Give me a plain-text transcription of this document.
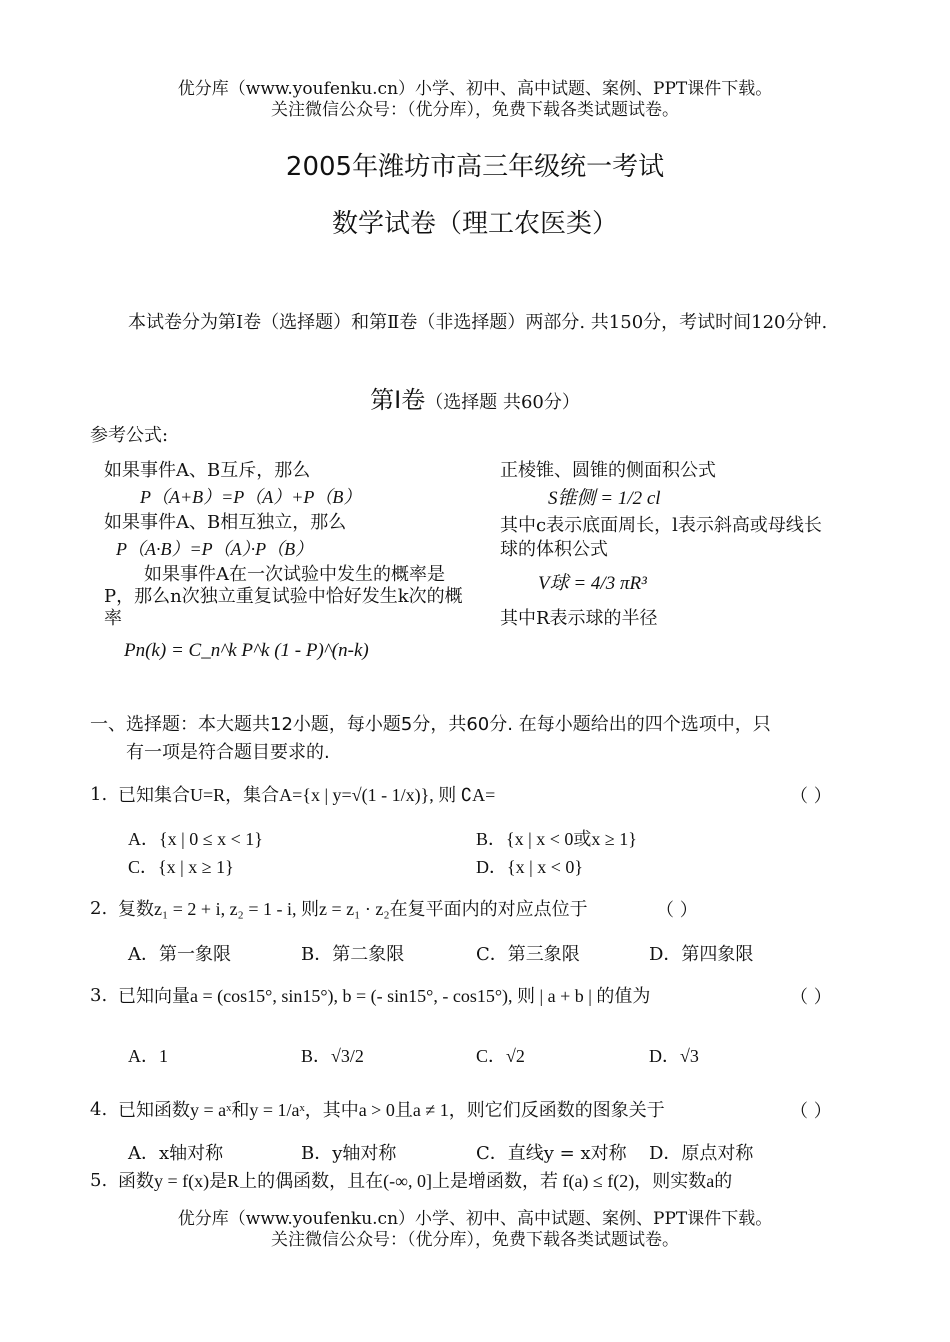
优分库（www.youfenku.cn）小学、初中、高中试题、案例、PPT课件下载。
关注微信公众号：（优分库），免费下载各类试题试卷。
2005年潍坊市高三年级统一考试
数学试卷（理工农医类）
本试卷分为第Ⅰ卷（选择题）和第Ⅱ卷（非选择题）两部分. 共150分，考试时间120分钟.
第Ⅰ卷（选择题 共60分）
参考公式:
如果事件A、B互斥，那么
P（A+B）=P（A）+P（B）
如果事件A、B相互独立，那么
P（A·B）=P（A）·P（B）
如果事件A在一次试验中发生的概率是P，那么n次独立重复试验中恰好发生k次的概率
Pn(k) = C_n^k P^k (1 - P)^(n-k)
正棱锥、圆锥的侧面积公式
S锥侧 = 1/2 cl
其中c表示底面周长，l表示斜高或母线长
球的体积公式
V球 = 4/3 πR³
其中R表示球的半径
一、选择题：本大题共12小题，每小题5分，共60分. 在每小题给出的四个选项中，只
有一项是符合题目要求的.
1. 已知集合U=R，集合A={x | y=√(1 - 1/x)}, 则 ∁A=	（ ）
A．{x | 0 ≤ x < 1}	B．{x | x < 0或x ≥ 1}
C．{x | x ≥ 1}	D．{x | x < 0}
2. 复数z₁ = 2 + i, z₂ = 1 - i, 则z = z₁ · z₂在复平面内的对应点位于	（ ）
A．第一象限	B．第二象限	C．第三象限	D．第四象限
3. 已知向量a = (cos15°, sin15°), b = (- sin15°, - cos15°), 则 | a + b | 的值为	（ ）
A．1	B．√3/2	C．√2	D．√3
4. 已知函数y = aˣ和y = 1/aˣ，其中a > 0且a ≠ 1，则它们反函数的图象关于	（ ）
A．x轴对称	B．y轴对称	C．直线y = x对称 D．原点对称
5. 函数y = f(x)是R上的偶函数，且在(-∞, 0]上是增函数，若 f(a) ≤ f(2)，则实数a的
优分库（www.youfenku.cn）小学、初中、高中试题、案例、PPT课件下载。
关注微信公众号：（优分库），免费下载各类试题试卷。
